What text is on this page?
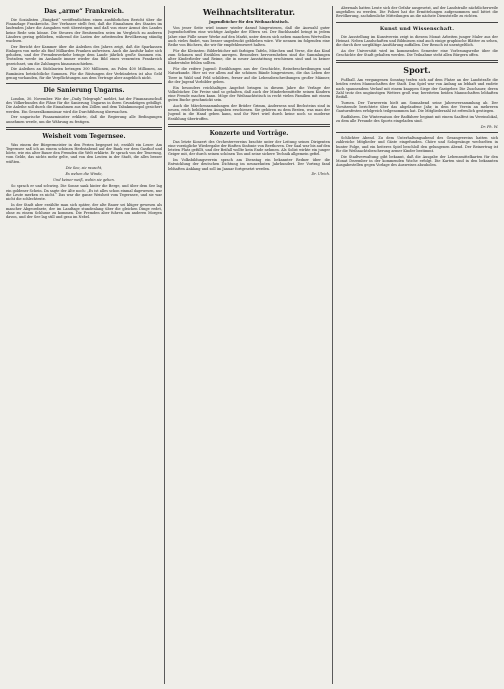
Das „arme“ Frankreich.

Die Sozialisten „Einigkeit“ veröffentlichten einen ausführlichen Bericht über die Finanzlage Frankreichs. Der Verfasser stellt fest, daß die Einnahmen des Staates im laufenden Jahre die Ausgaben weit übersteigen und daß von einer Armut des Landes keine Rede sein könne. Die Steuern der Besitzenden seien im Vergleich zu anderen Ländern gering geblieben, während die Lasten der arbeitenden Bevölkerung ständig wachsen.

Der Bericht der Kammer über die Anleihen des Jahres zeigt, daß die Sparkassen Einlagen von mehr als fünf Milliarden Franken aufweisen. Auch die Ausfuhr habe sich gehoben, und der Fremdenverkehr bringe dem Lande jährlich große Summen ein. Trotzdem werde im Auslande immer wieder das Bild eines verarmten Frankreich gezeichnet, um die Zahlungen hinauszuschieben.

Die Anleihen an Südslawien betragen 300 Millionen, an Polen 400 Millionen, an Rumänien beträchtliche Summen. Für die Rüstungen der Verbündeten ist also Geld genug vorhanden, für die Verpflichtungen aus dem Vertrage aber angeblich nicht.

Die Sanierung Ungarns.

London, 30. November. Wie der „Daily Telegraph“ meldet, hat der Finanzausschuß des Völkerbundes die Pläne für die Sanierung Ungarns in ihren Grundzügen gebilligt. Die Anleihe soll durch die Einnahmen aus den Zöllen und dem Tabakmonopol gesichert werden. Ein Generalkommissar wird die Durchführung überwachen.

Der ungarische Finanzminister erklärte, daß die Regierung alle Bedingungen annehmen werde, um die Währung zu festigen.

Weisheit vom Tegernsee.

Was einem der Bürgermeister in den Ferien begegnet ist, erzählt ein Leser: Am Tegernsee saß ich an einem schönen Herbstabend auf der Bank vor dem Gasthof und hörte, wie ein alter Bauer den Fremden die Welt erklärte. Er sprach von der Teuerung, vom Gelde, das nichts mehr gelte, und von den Leuten in der Stadt, die alles besser wüßten.

Die See, sie rauscht,
Es wehen die Winde,
Und keiner weiß, wohin sie gehen.

So sprach er und schwieg. Die Sonne sank hinter die Berge, und über dem See lag ein goldener Schein. Da sagte der Alte noch: „Es ist alles schon einmal dagewesen, nur die Leute merken es nicht.“ Das war die ganze Weisheit vom Tegernsee, und sie war nicht die schlechteste.

In der Stadt aber erzählte man sich später, der alte Bauer sei klüger gewesen als mancher Abgeordnete, der im Landtage stundenlang über die gleichen Dinge redet, ohne zu einem Schlusse zu kommen. Die Fremden aber fuhren am anderen Morgen davon, und der See lag still und grau im Nebel.

Weihnachtsliteratur.
Jugendbücher für den Weihnachtstisch.

Von jener Seite wird immer wieder darauf hingewiesen, daß die Auswahl guter Jugendschriften eine wichtige Aufgabe der Eltern sei. Der Buchhandel bringt in jedem Jahre eine Fülle neuer Werke auf den Markt, unter denen sich neben manchem Wertvollen auch vieles findet, was besser ungedruckt geblieben wäre. Wir nennen im folgenden eine Reihe von Büchern, die wir für empfehlenswert halten.

Für die Kleinsten: Bilderbücher mit farbigen Tafeln, Märchen und Verse, die das Kind zum Schauen und Erzählen anregen. Besonders hervorzuheben sind die Sammlungen alter Kinderlieder und Reime, die in neuer Ausstattung erschienen sind und in keiner Kinderstube fehlen sollten.

Für die reifere Jugend: Erzählungen aus der Geschichte, Reisebeschreibungen und Naturkunde. Hier sei vor allem auf die schönen Bände hingewiesen, die das Leben der Tiere in Wald und Feld schildern, ferner auf die Lebensbeschreibungen großer Männer, die der Jugend Vorbilder geben.

Ein besonders reichhaltiges Angebot bringen in diesem Jahre die Verlage der Volksbücher. Die Preise sind so gehalten, daß auch der Minderbemittelte seinen Kindern eine Freude machen kann. Möge der Weihnachtstisch in recht vielen Familien mit einem guten Buche geschmückt sein.

Auch die Märchensammlungen der Brüder Grimm, Andersens und Bechsteins sind in neuen, reich bebilderten Ausgaben erschienen. Sie gehören zu dem Besten, was man der Jugend in die Hand geben kann, und ihr Wert wird durch keine noch so moderne Erzählung übertroffen.

Konzerte und Vorträge.

Das letzte Konzert des Orchestervereins brachte unter der Leitung seines Dirigenten eine vorzügliche Wiedergabe der fünften Sinfonie von Beethoven. Der Saal war bis auf den letzten Platz gefüllt, und der Beifall wollte kein Ende nehmen. Als Solist wirkte ein junger Geiger mit, der durch seinen schönen Ton und seine sichere Technik allgemein gefiel.

Im Volksbildungsverein sprach am Dienstag ein bekannter Redner über die Entwicklung der deutschen Dichtung im neunzehnten Jahrhundert. Der Vortrag fand lebhaften Anklang und soll im Januar fortgesetzt werden.

Dr. Ulrich.

Abermals hatten Leute sich der Gefahr ausgesetzt, auf der Landstraße nächtlicherweile angefallen zu werden. Die Polizei hat die Ermittelungen aufgenommen und bittet die Bevölkerung, sachdienliche Mitteilungen an die nächste Dienststelle zu richten.

Kunst und Wissenschaft.

Die Ausstellung im Kunstverein zeigt in diesem Monat Arbeiten junger Maler aus der Heimat. Neben Landschaften und Bildnissen sind auch einige graphische Blätter zu sehen, die durch ihre sorgfältige Ausführung auffallen. Der Besuch ist unentgeltlich.

An der Universität wird im kommenden Semester eine Vorlesungsreihe über die Geschichte der Stadt gehalten werden. Die Teilnahme steht allen Bürgern offen.

Sport.

Fußball. Am vergangenen Sonntag trafen sich auf dem Platze an der Landstraße die beiden ersten Mannschaften der Stadt. Das Spiel war von Anfang an lebhaft und endete nach spannendem Verlauf mit einem knappen Siege der Gastgeber. Die Zuschauer, deren Zahl trotz des ungünstigen Wetters groß war, bereiteten beiden Mannschaften lebhaften Beifall.

Turnen. Der Turnverein hielt am Sonnabend seine Jahresversammlung ab. Der Vorsitzende berichtete über das abgelaufene Jahr, in dem der Verein an mehreren Gauturnfesten erfolgreich teilgenommen hat. Die Mitgliederzahl ist erfreulich gestiegen.

Radfahren. Die Wintersaison der Radfahrer beginnt mit einem Saalfest im Vereinslokal, zu dem alle Freunde des Sports eingeladen sind.

Dr. Ph. W.

Schlichter Abend. Zu dem Unterhaltungsabend des Gesangvereins hatten sich zahlreiche Mitglieder und Gäste eingefunden. Chöre und Sologesänge wechselten in bunter Folge, und ein heiteres Spiel beschloß den gelungenen Abend. Der Reinertrag ist für die Weihnachtsbescherung armer Kinder bestimmt.

Die Stadtverwaltung gibt bekannt, daß die Ausgabe der Lebensmittelkarten für den Monat Dezember in der kommenden Woche erfolgt. Die Karten sind in den bekannten Ausgabestellen gegen Vorlage des Ausweises abzuholen.
